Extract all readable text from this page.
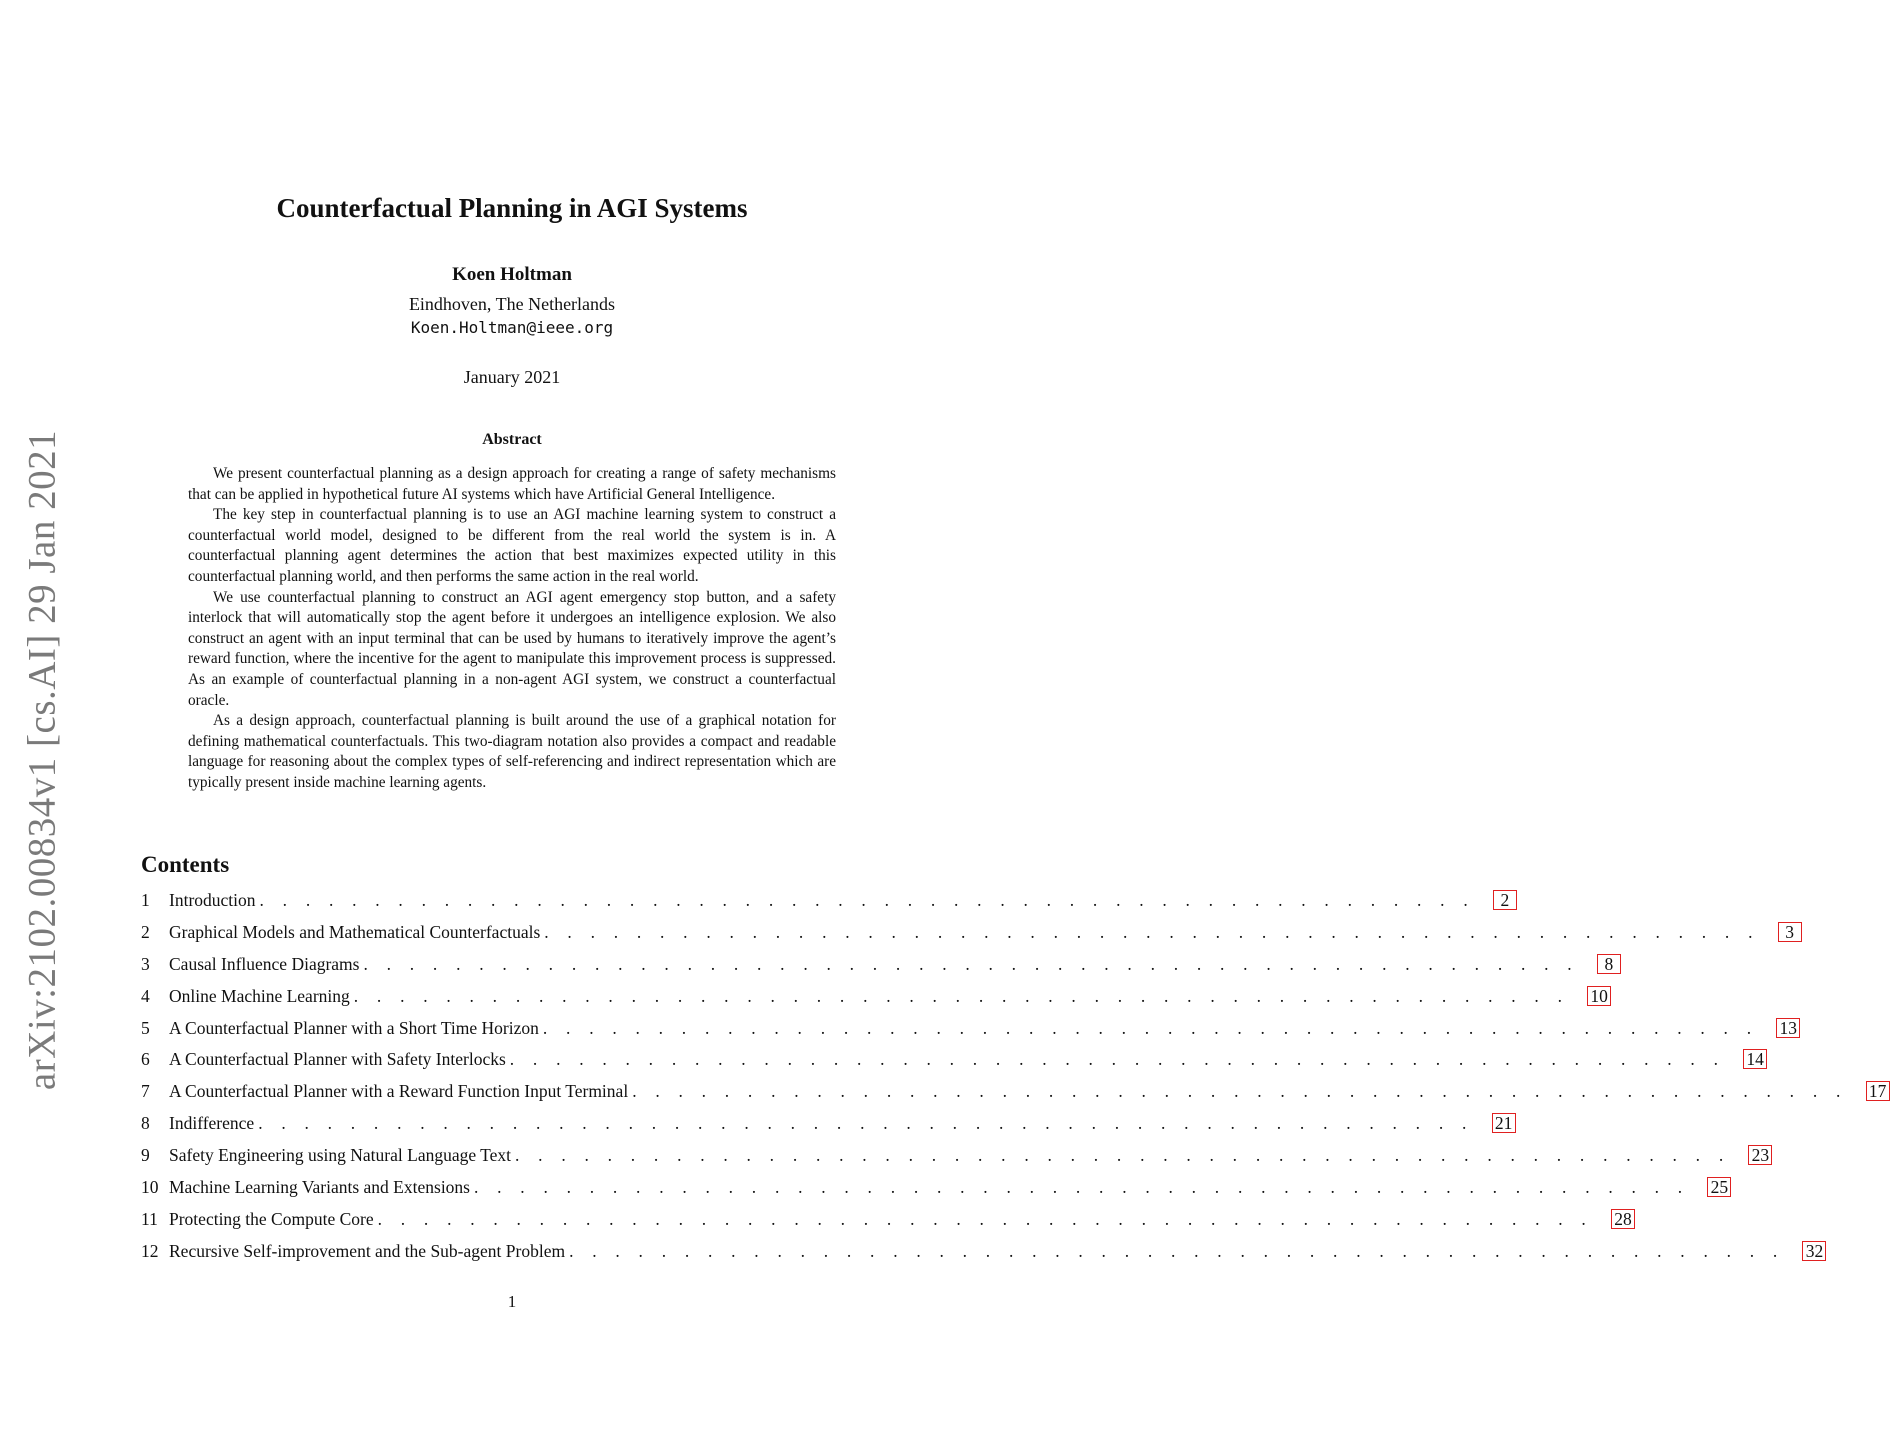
arXiv:2102.00834v1 [cs.AI] 29 Jan 2021
Counterfactual Planning in AGI Systems
Koen Holtman
Eindhoven, The Netherlands
Koen.Holtman@ieee.org
January 2021
Abstract

We present counterfactual planning as a design approach for creating a range of safety mechanisms that can be applied in hypothetical future AI systems which have Artificial General Intelligence.

The key step in counterfactual planning is to use an AGI machine learning system to construct a counterfactual world model, designed to be different from the real world the system is in. A counterfactual planning agent determines the action that best maximizes expected utility in this counterfactual planning world, and then performs the same action in the real world.

We use counterfactual planning to construct an AGI agent emergency stop button, and a safety interlock that will automatically stop the agent before it undergoes an intelligence explosion. We also construct an agent with an input terminal that can be used by humans to iteratively improve the agent’s reward function, where the incentive for the agent to manipulate this improvement process is suppressed. As an example of counterfactual planning in a non-agent AGI system, we construct a counterfactual oracle.

As a design approach, counterfactual planning is built around the use of a graphical notation for defining mathematical counterfactuals. This two-diagram notation also provides a compact and readable language for reasoning about the complex types of self-referencing and indirect representation which are typically present inside machine learning agents.

Contents
1	Introduction . . . . . . . . . . . . . . . . . . . . . . . . . . . . . . . . . . . . . . . . . . . . . . . . . . . . .	2
2	Graphical Models and Mathematical Counterfactuals . . . . . . . . . . . . . . . . . . . . . . . . . . . . . . . . . . . . . . . . . . . . . . . . . . . . .	3
3	Causal Influence Diagrams . . . . . . . . . . . . . . . . . . . . . . . . . . . . . . . . . . . . . . . . . . . . . . . . . . . . .	8
4	Online Machine Learning . . . . . . . . . . . . . . . . . . . . . . . . . . . . . . . . . . . . . . . . . . . . . . . . . . . . .	10
5	A Counterfactual Planner with a Short Time Horizon . . . . . . . . . . . . . . . . . . . . . . . . . . . . . . . . . . . . . . . . . . . . . . . . . . . . .	13
6	A Counterfactual Planner with Safety Interlocks . . . . . . . . . . . . . . . . . . . . . . . . . . . . . . . . . . . . . . . . . . . . . . . . . . . . .	14
7	A Counterfactual Planner with a Reward Function Input Terminal . . . . . . . . . . . . . . . . . . . . . . . . . . . . . . . . . . . . . . . . . . . . . . . . . . . . .	17
8	Indifference . . . . . . . . . . . . . . . . . . . . . . . . . . . . . . . . . . . . . . . . . . . . . . . . . . . . .	21
9	Safety Engineering using Natural Language Text . . . . . . . . . . . . . . . . . . . . . . . . . . . . . . . . . . . . . . . . . . . . . . . . . . . . .	23
10 Machine Learning Variants and Extensions . . . . . . . . . . . . . . . . . . . . . . . . . . . . . . . . . . . . . . . . . . . . . . . . . . . . .	25
11 Protecting the Compute Core . . . . . . . . . . . . . . . . . . . . . . . . . . . . . . . . . . . . . . . . . . . . . . . . . . . . .	28
12 Recursive Self-improvement and the Sub-agent Problem . . . . . . . . . . . . . . . . . . . . . . . . . . . . . . . . . . . . . . . . . . . . . . . . . . . . .	32
1
